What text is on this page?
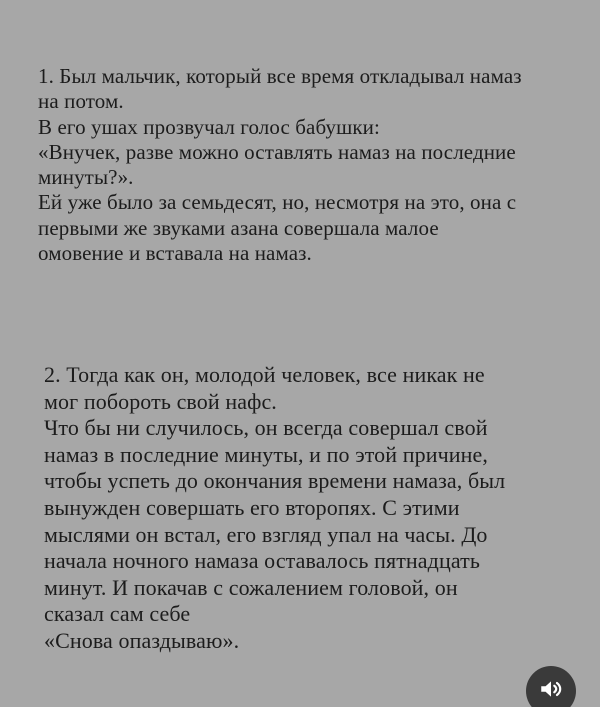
1. Был мальчик, который все время откладывал намаз
на потом.
В его ушах прозвучал голос бабушки:
«Внучек, разве можно оставлять намаз на последние
минуты?».
Ей уже было за семьдесят, но, несмотря на это, она с
первыми же звуками азана совершала малое
омовение и вставала на намаз.

2. Тогда как он, молодой человек, все никак не
мог побороть свой нафс.
Что бы ни случилось, он всегда совершал свой
намаз в последние минуты, и по этой причине,
чтобы успеть до окончания времени намаза, был
вынужден совершать его второпях. С этими
мыслями он встал, его взгляд упал на часы. До
начала ночного намаза оставалось пятнадцать
минут. И покачав с сожалением головой, он
сказал сам себе
«Снова опаздываю».
